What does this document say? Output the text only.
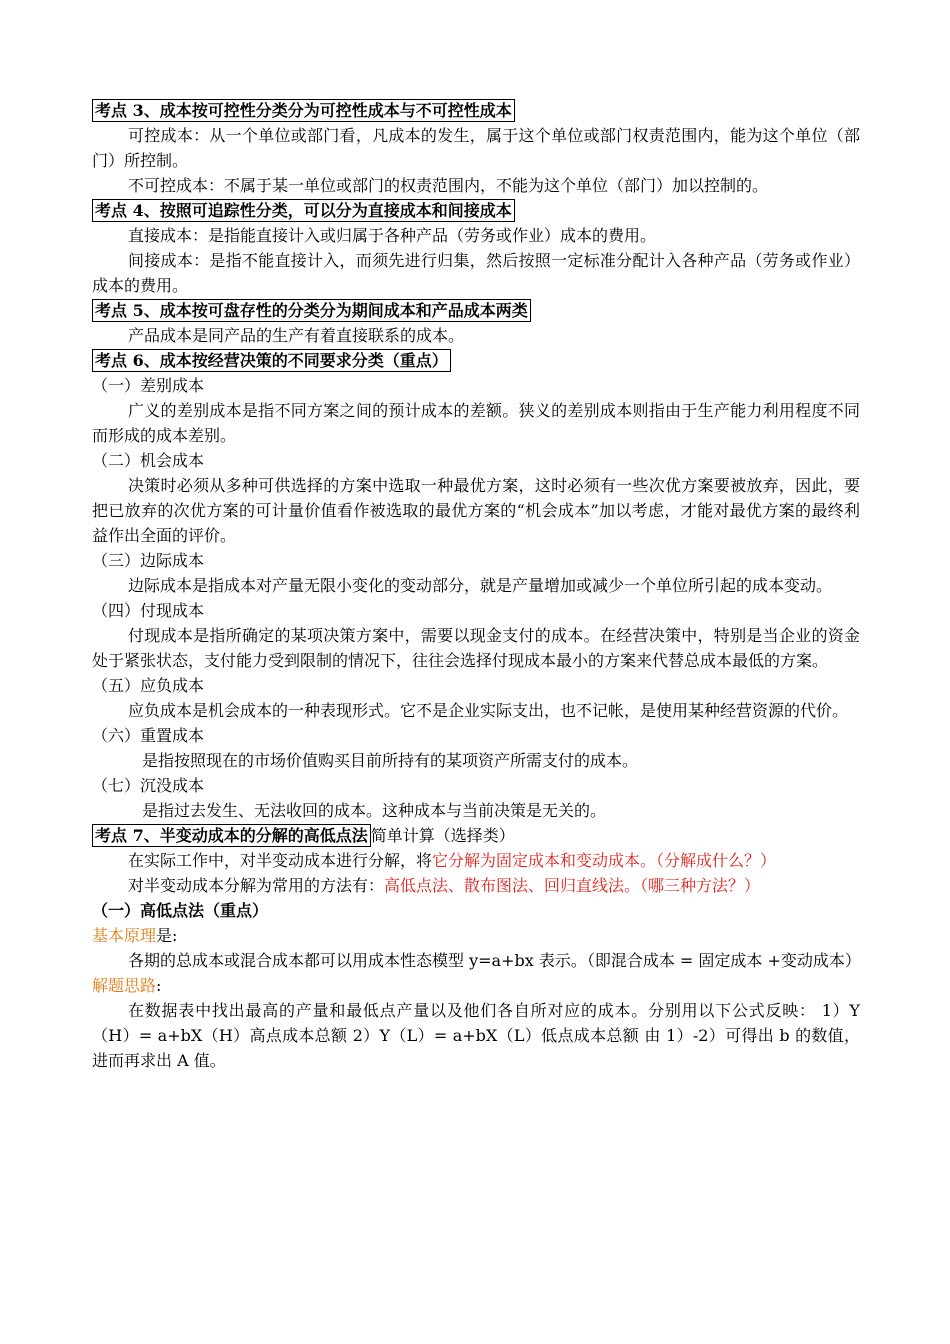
考点 3、成本按可控性分类分为可控性成本与不可控性成本

可控成本：从一个单位或部门看，凡成本的发生，属于这个单位或部门权责范围内，能为这个单位（部门）所控制。

不可控成本：不属于某一单位或部门的权责范围内，不能为这个单位（部门）加以控制的。

考点 4、按照可追踪性分类，可以分为直接成本和间接成本

直接成本：是指能直接计入或归属于各种产品（劳务或作业）成本的费用。

间接成本：是指不能直接计入，而须先进行归集，然后按照一定标准分配计入各种产品（劳务或作业）成本的费用。

考点 5、成本按可盘存性的分类分为期间成本和产品成本两类

产品成本是同产品的生产有着直接联系的成本。

考点 6、成本按经营决策的不同要求分类（重点）

（一）差别成本

广义的差别成本是指不同方案之间的预计成本的差额。狭义的差别成本则指由于生产能力利用程度不同而形成的成本差别。

（二）机会成本

决策时必须从多种可供选择的方案中选取一种最优方案，这时必须有一些次优方案要被放弃，因此，要把已放弃的次优方案的可计量价值看作被选取的最优方案的“机会成本”加以考虑，才能对最优方案的最终利益作出全面的评价。

（三）边际成本

边际成本是指成本对产量无限小变化的变动部分，就是产量增加或减少一个单位所引起的成本变动。

（四）付现成本

付现成本是指所确定的某项决策方案中，需要以现金支付的成本。在经营决策中，特别是当企业的资金处于紧张状态，支付能力受到限制的情况下，往往会选择付现成本最小的方案来代替总成本最低的方案。

（五）应负成本

应负成本是机会成本的一种表现形式。它不是企业实际支出，也不记帐，是使用某种经营资源的代价。

（六）重置成本

是指按照现在的市场价值购买目前所持有的某项资产所需支付的成本。

（七）沉没成本

是指过去发生、无法收回的成本。这种成本与当前决策是无关的。

考点 7、半变动成本的分解的高低点法 简单计算（选择类）

在实际工作中，对半变动成本进行分解，将它分解为固定成本和变动成本。（分解成什么？）

对半变动成本分解为常用的方法有：高低点法、散布图法、回归直线法。（哪三种方法？）

（一）高低点法（重点）

基本原理是:

各期的总成本或混合成本都可以用成本性态模型 y=a+bx 表示。（即混合成本 = 固定成本 +变动成本）

解题思路:

在数据表中找出最高的产量和最低点产量以及他们各自所对应的成本。分别用以下公式反映： 1）Y（H）= a+bX（H）高点成本总额 2）Y（L）= a+bX（L）低点成本总额 由 1）-2）可得出 b 的数值，进而再求出 A 值。
